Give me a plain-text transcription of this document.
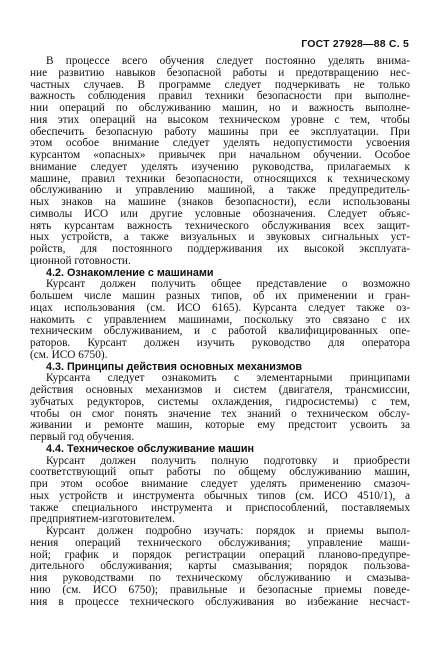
ГОСТ 27928—88 С. 5
В процессе всего обучения следует постоянно уделять внима-
ние развитию навыков безопасной работы и предотвращению нес-
частных случаев. В программе следует подчеркивать не только
важность соблюдения правил техники безопасности при выполне-
нии операций по обслуживанию машин, но и важность выполне-
ния этих операций на высоком техническом уровне с тем, чтобы
обеспечить безопасную работу машины при ее эксплуатации. При
этом особое внимание следует уделять недопустимости усвоения
курсантом «опасных» привычек при начальном обучении. Особое
внимание следует уделять изучению руководства, прилагаемых к
машине, правил техники безопасности, относящихся к техническому
обслуживанию и управлению машиной, а также предупредитель-
ных знаков на машине (знаков безопасности), если использованы
символы ИСО или другие условные обозначения. Следует объяс-
нять курсантам важность технического обслуживания всех защит-
ных устройств, а также визуальных и звуковых сигнальных уст-
ройств, для постоянного поддерживания их высокой эксплуата-
ционной готовности.
4.2. Ознакомление с машинами
Курсант должен получить общее представление о возможно
большем числе машин разных типов, об их применении и гран-
ицах использования (см. ИСО 6165). Курсанта следует также оз-
накомить с управлением машинами, поскольку это связано с их
техническим обслуживанием, и с работой квалифицированных опе-
раторов. Курсант должен изучить руководство для оператора
(см. ИСО 6750).
4.3. Принципы действия основных механизмов
Курсанта следует ознакомить с элементарными принципами
действия основных механизмов и систем (двигателя, трансмиссии,
зубчатых редукторов, системы охлаждения, гидросистемы) с тем,
чтобы он смог понять значение тех знаний о техническом обслу-
живании и ремонте машин, которые ему предстоит усвоить за
первый год обучения.
4.4. Техническое обслуживание машин
Курсант должен получить полную подготовку и приобрести
соответствующий опыт работы по общему обслуживанию машин,
при этом особое внимание следует уделять применению смазоч-
ных устройств и инструмента обычных типов (см. ИСО 4510/1), а
также специального инструмента и приспособлений, поставляемых
предприятием-изготовителем.
Курсант должен подробно изучать: порядок и приемы выпол-
нения операций технического обслуживания; управление маши-
ной; график и порядок регистрации операций планово-предупре-
дительного обслуживания; карты смазывания; порядок пользова-
ния руководствами по техническому обслуживанию и смазыва-
нию (см. ИСО 6750); правильные и безопасные приемы поведе-
ния в процессе технического обслуживания во избежание несчаст-
